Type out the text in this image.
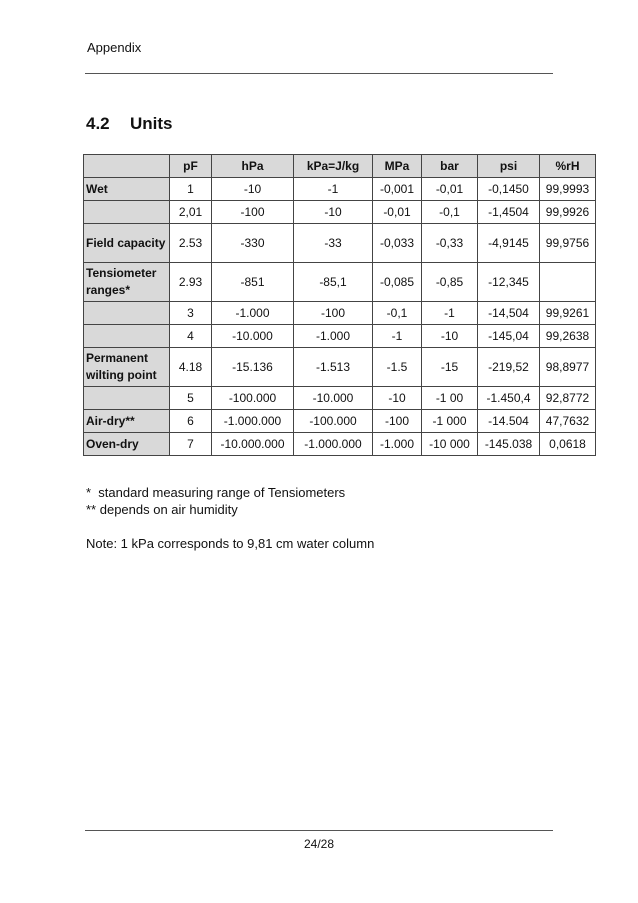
Appendix
4.2 Units
	pF	hPa	kPa=J/kg	MPa	bar	psi	%rH
Wet	1	-10	-1	-0,001	-0,01	-0,1450	99,9993
	2,01	-100	-10	-0,01	-0,1	-1,4504	99,9926
Field capacity	2.53	-330	-33	-0,033	-0,33	-4,9145	99,9756
Tensiometer ranges*	2.93	-851	-85,1	-0,085	-0,85	-12,345	
	3	-1.000	-100	-0,1	-1	-14,504	99,9261
	4	-10.000	-1.000	-1	-10	-145,04	99,2638
Permanent wilting point	4.18	-15.136	-1.513	-1.5	-15	-219,52	98,8977
	5	-100.000	-10.000	-10	-1 00	-1.450,4	92,8772
Air-dry**	6	-1.000.000	-100.000	-100	-1 000	-14.504	47,7632
Oven-dry	7	-10.000.000	-1.000.000	-1.000	-10 000	-145.038	0,0618

*  standard measuring range of Tensiometers

** depends on air humidity

Note: 1 kPa corresponds to 9,81 cm water column

24/28
